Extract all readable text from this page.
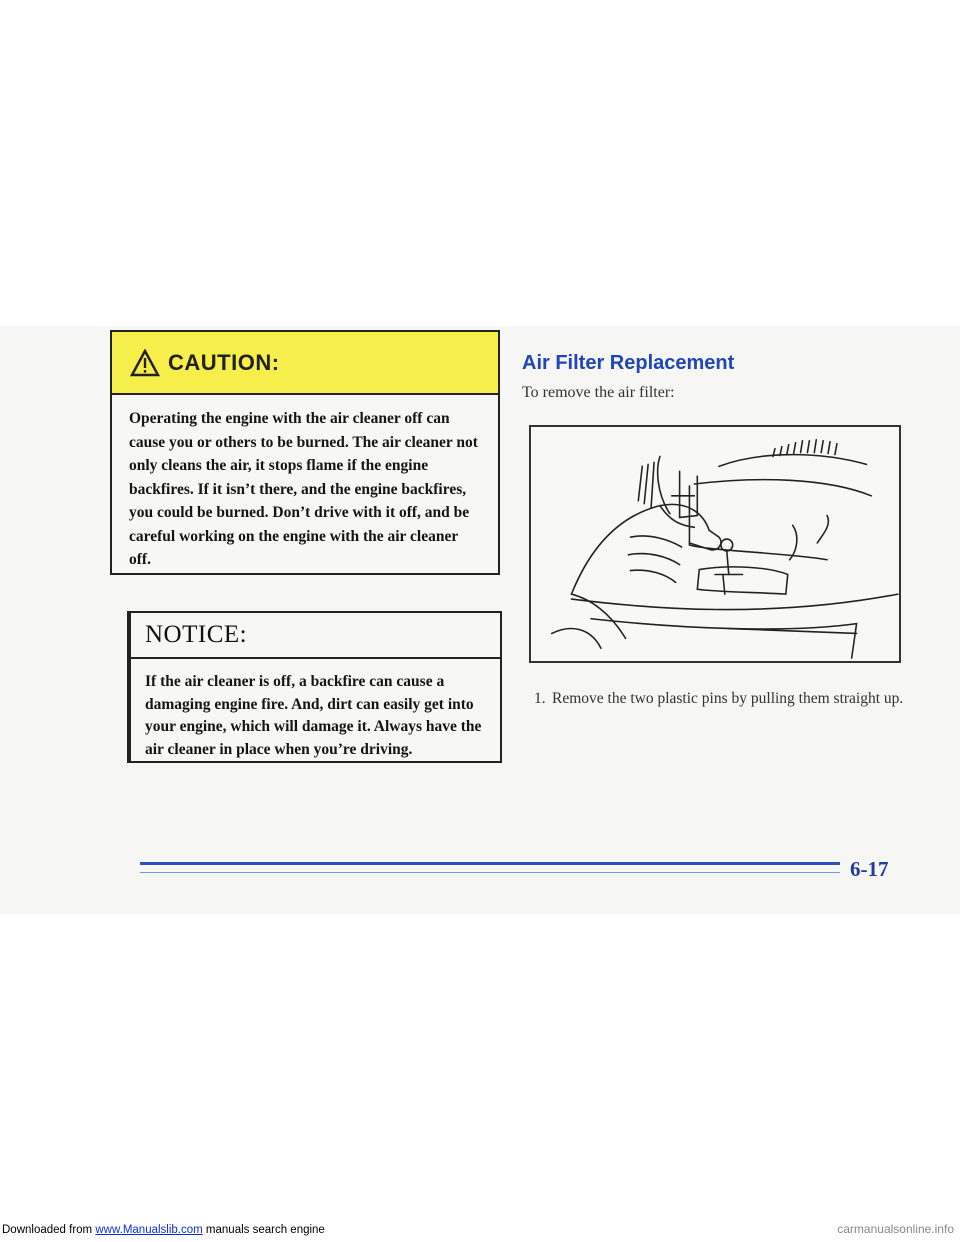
CAUTION:
Operating the engine with the air cleaner off can cause you or others to be burned. The air cleaner not only cleans the air, it stops flame if the engine backfires. If it isn’t there, and the engine backfires, you could be burned. Don’t drive with it off, and be careful working on the engine with the air cleaner off.
NOTICE:
If the air cleaner is off, a backfire can cause a damaging engine fire. And, dirt can easily get into your engine, which will damage it. Always have the air cleaner in place when you’re driving.
Air Filter Replacement
To remove the air filter:
1. Remove the two plastic pins by pulling them straight up.
6-17
Downloaded from www.Manualslib.com manuals search engine	carmanualsonline.info
